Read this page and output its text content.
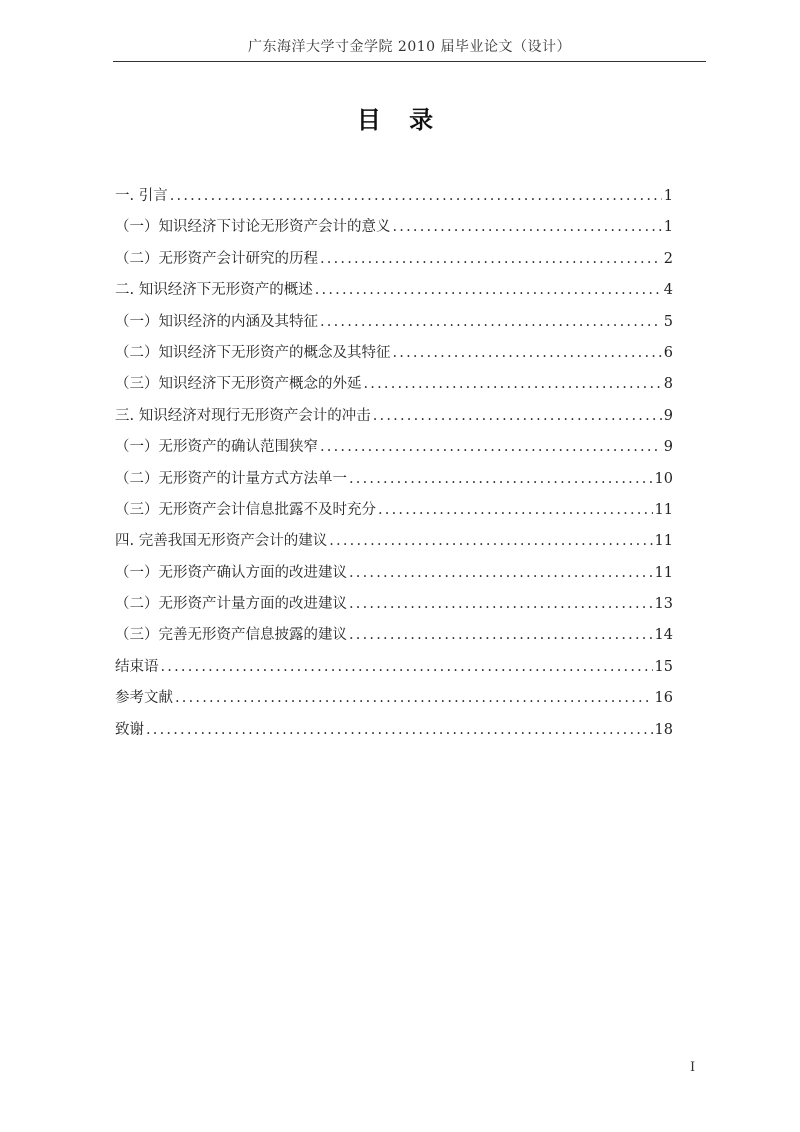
广东海洋大学寸金学院 2010 届毕业论文（设计）
目 录
一. 引言 .....	1
（一）知识经济下讨论无形资产会计的意义 .....	1
（二）无形资产会计研究的历程 .....	2
二. 知识经济下无形资产的概述 .....	4
（一）知识经济的内涵及其特征 .....	5
（二）知识经济下无形资产的概念及其特征 .....	6
（三）知识经济下无形资产概念的外延 .....	8
三. 知识经济对现行无形资产会计的冲击 .....	9
（一）无形资产的确认范围狭窄 .....	9
（二）无形资产的计量方式方法单一 .....	10
（三）无形资产会计信息批露不及时充分 .....	11
四. 完善我国无形资产会计的建议 .....	11
（一）无形资产确认方面的改进建议 .....	11
（二）无形资产计量方面的改进建议 .....	13
（三）完善无形资产信息披露的建议 .....	14
结束语 .....	15
参考文献 .....	16
致谢 .....	18
I
